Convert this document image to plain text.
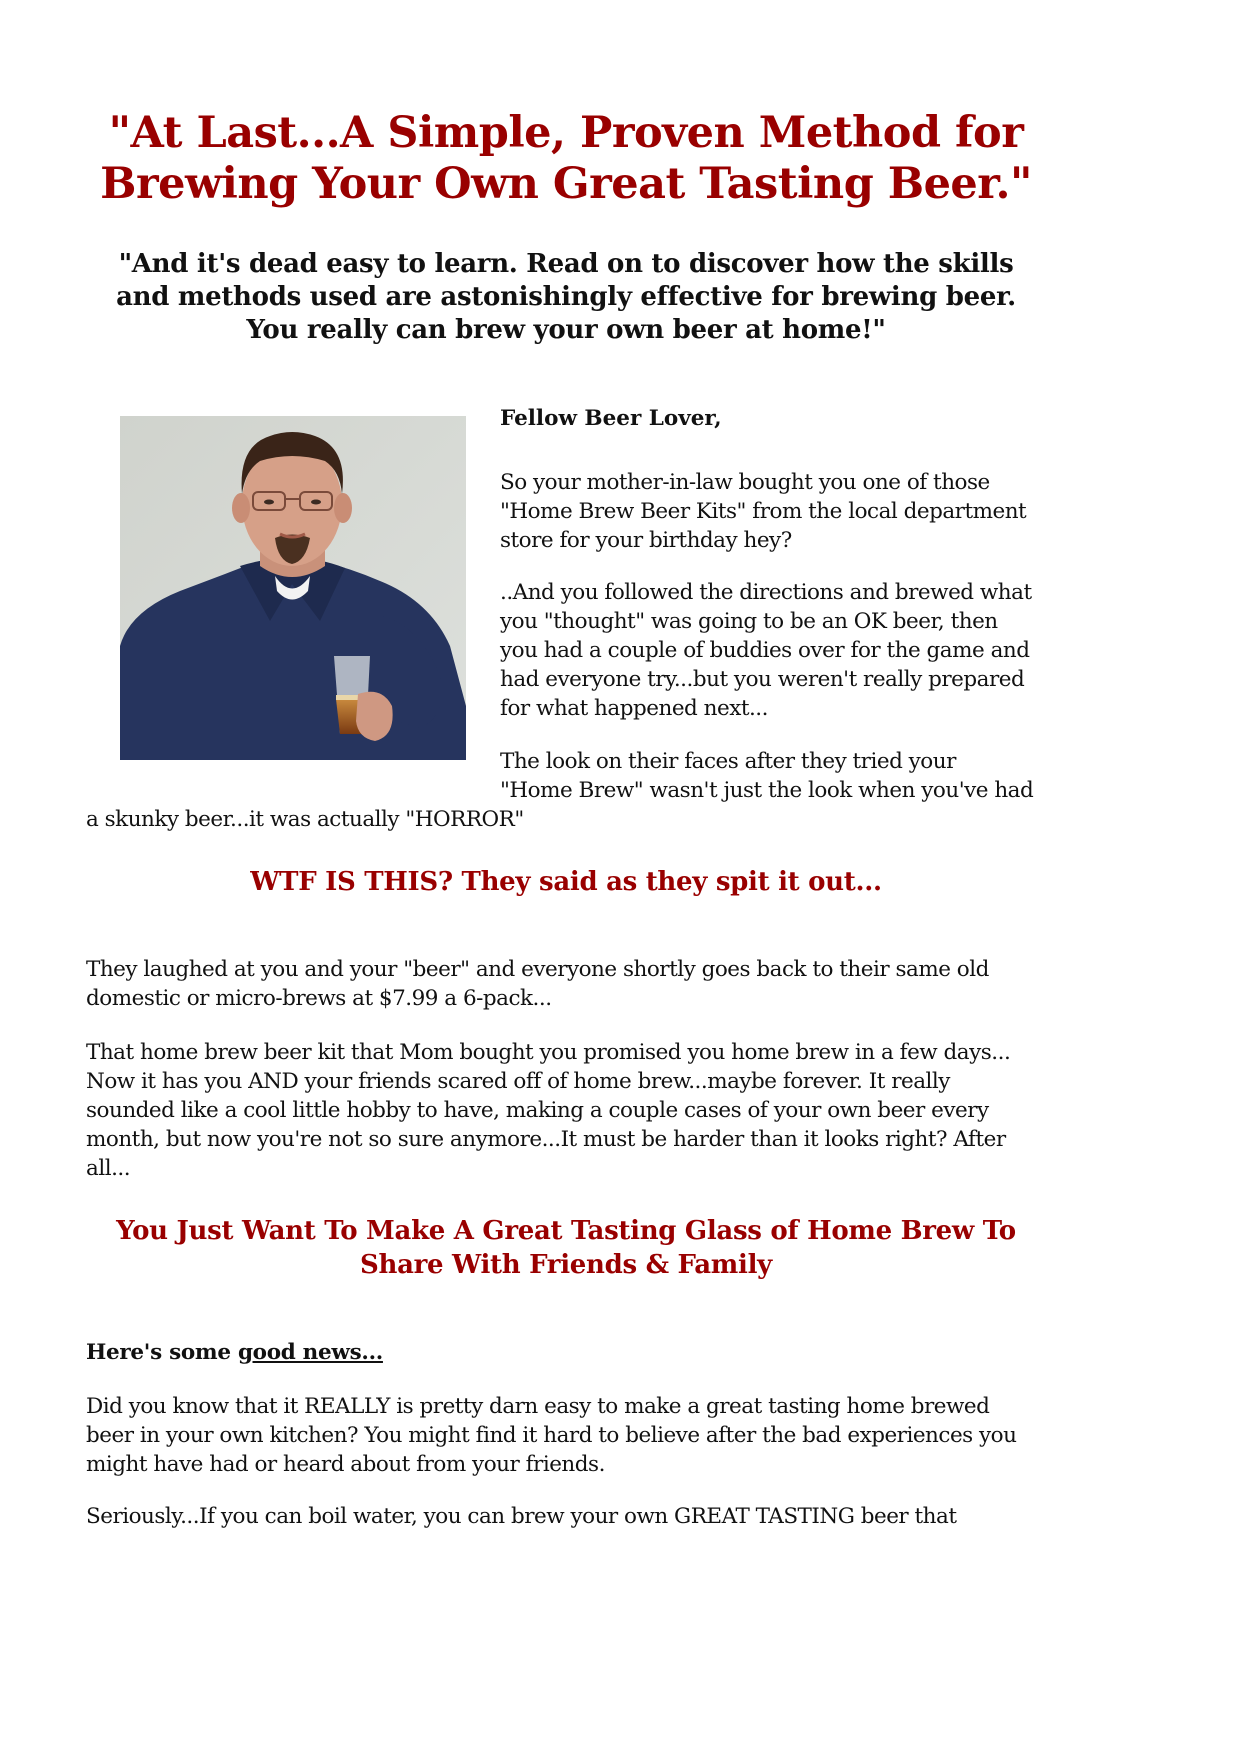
"At Last...A Simple, Proven Method for
Brewing Your Own Great Tasting Beer."
"And it's dead easy to learn. Read on to discover how the skills
and methods used are astonishingly effective for brewing beer.
You really can brew your own beer at home!"

Fellow Beer Lover,

So your mother-in-law bought you one of those
"Home Brew Beer Kits" from the local department
store for your birthday hey?

..And you followed the directions and brewed what
you "thought" was going to be an OK beer, then
you had a couple of buddies over for the game and
had everyone try...but you weren't really prepared
for what happened next...

The look on their faces after they tried your
"Home Brew" wasn't just the look when you've had

a skunky beer...it was actually "HORROR"

WTF IS THIS? They said as they spit it out...

They laughed at you and your "beer" and everyone shortly goes back to their same old
domestic or micro-brews at $7.99 a 6-pack...

That home brew beer kit that Mom bought you promised you home brew in a few days...
Now it has you AND your friends scared off of home brew...maybe forever. It really
sounded like a cool little hobby to have, making a couple cases of your own beer every
month, but now you're not so sure anymore...It must be harder than it looks right? After
all...

You Just Want To Make A Great Tasting Glass of Home Brew To
Share With Friends & Family

Here's some good news...

Did you know that it REALLY is pretty darn easy to make a great tasting home brewed
beer in your own kitchen? You might find it hard to believe after the bad experiences you
might have had or heard about from your friends.

Seriously...If you can boil water, you can brew your own GREAT TASTING beer that
